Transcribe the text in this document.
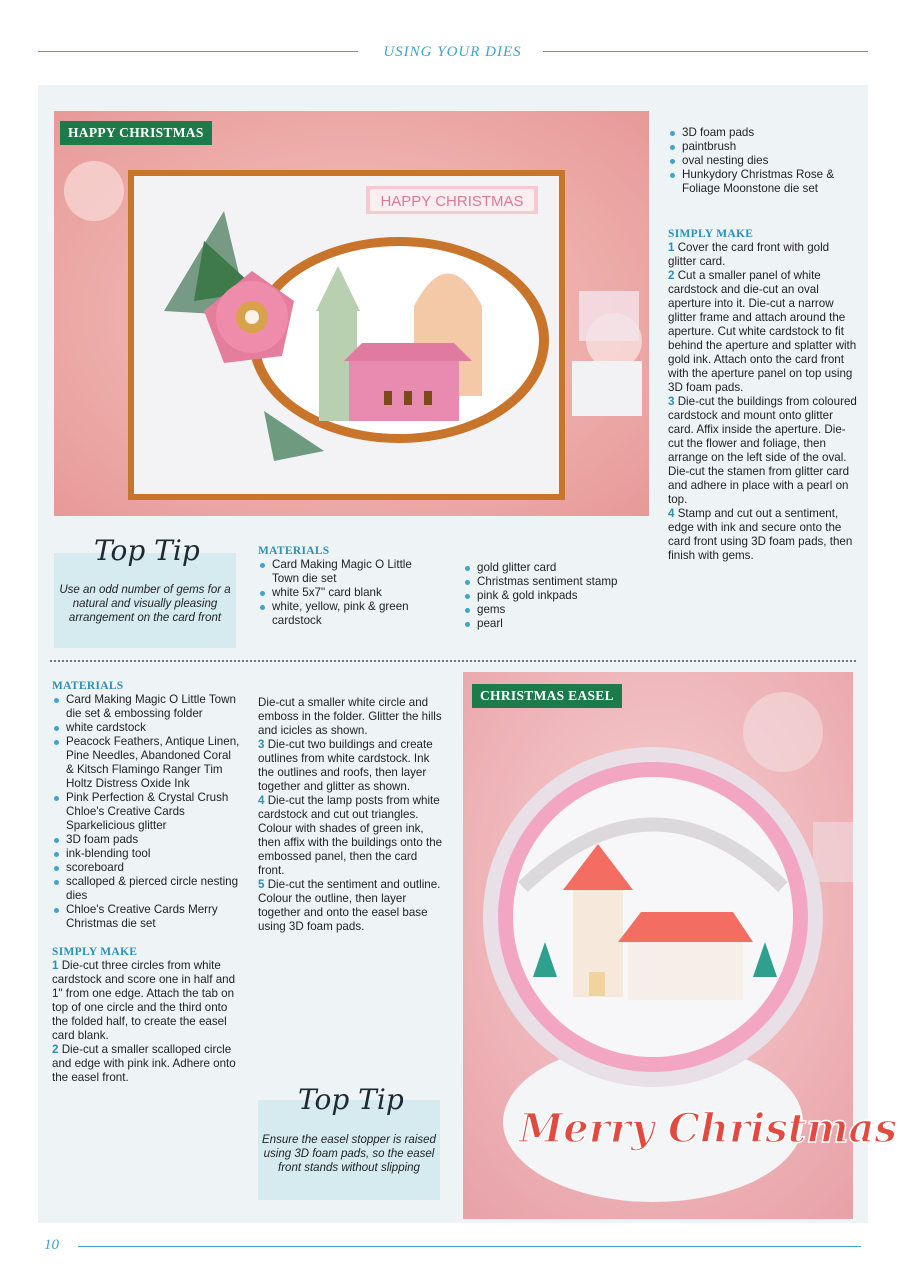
USING YOUR DIES
HAPPY CHRISTMAS
HAPPY CHRISTMAS	3D foam pads
paintbrush
oval nesting dies
Hunkydory Christmas Rose & Foliage Moonstone die set

SIMPLY MAKE

1 Cover the card front with gold glitter card.

2 Cut a smaller panel of white cardstock and die-cut an oval aperture into it. Die-cut a narrow glitter frame and attach around the aperture. Cut white cardstock to fit behind the aperture and splatter with gold ink. Attach onto the card front with the aperture panel on top using 3D foam pads.

3 Die-cut the buildings from coloured cardstock and mount onto glitter card. Affix inside the aperture. Die-cut the flower and foliage, then arrange on the left side of the oval. Die-cut the stamen from glitter card and adhere in place with a pearl on top.

4 Stamp and cut out a sentiment, edge with ink and secure onto the card front using 3D foam pads, then finish with gems.

Top Tip
Use an odd number of gems for a natural and visually pleasing arrangement on the card front

MATERIALS

Card Making Magic O Little Town die set
white 5x7" card blank
white, yellow, pink & green cardstock
gold glitter card
Christmas sentiment stamp
pink & gold inkpads
gems
pearl

MATERIALS

Card Making Magic O Little Town die set & embossing folder
white cardstock
Peacock Feathers, Antique Linen, Pine Needles, Abandoned Coral & Kitsch Flamingo Ranger Tim Holtz Distress Oxide Ink
Pink Perfection & Crystal Crush Chloe's Creative Cards Sparkelicious glitter
3D foam pads
ink-blending tool
scoreboard
scalloped & pierced circle nesting dies
Chloe's Creative Cards Merry Christmas die set

SIMPLY MAKE

1 Die-cut three circles from white cardstock and score one in half and 1" from one edge. Attach the tab on top of one circle and the third onto the folded half, to create the easel card blank.

2 Die-cut a smaller scalloped circle and edge with pink ink. Adhere onto the easel front.

Die-cut a smaller white circle and emboss in the folder. Glitter the hills and icicles as shown.

3 Die-cut two buildings and create outlines from white cardstock. Ink the outlines and roofs, then layer together and glitter as shown.

4 Die-cut the lamp posts from white cardstock and cut out triangles. Colour with shades of green ink, then affix with the buildings onto the embossed panel, then the card front.

5 Die-cut the sentiment and outline. Colour the outline, then layer together and onto the easel base using 3D foam pads.

Top Tip
Ensure the easel stopper is raised using 3D foam pads, so the easel front stands without slipping
Merry Christmas
CHRISTMAS EASEL
10
